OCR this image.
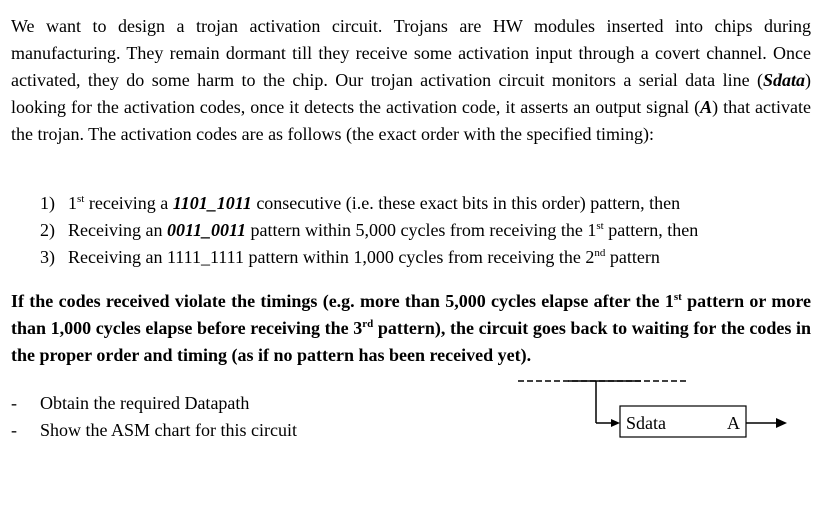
We want to design a trojan activation circuit. Trojans are HW modules inserted into chips during manufacturing. They remain dormant till they receive some activation input through a covert channel. Once activated, they do some harm to the chip. Our trojan activation circuit monitors a serial data line (Sdata) looking for the activation codes, once it detects the activation code, it asserts an output signal (A) that activate the trojan. The activation codes are as follows (the exact order with the specified timing):
1) 1st receiving a 1101_1011 consecutive (i.e. these exact bits in this order) pattern, then
2) Receiving an 0011_0011 pattern within 5,000 cycles from receiving the 1st pattern, then
3) Receiving an 1111_1111 pattern within 1,000 cycles from receiving the 2nd pattern
If the codes received violate the timings (e.g. more than 5,000 cycles elapse after the 1st pattern or more than 1,000 cycles elapse before receiving the 3rd pattern), the circuit goes back to waiting for the codes in the proper order and timing (as if no pattern has been received yet).
- Obtain the required Datapath
- Show the ASM chart for this circuit	Sdata	A
